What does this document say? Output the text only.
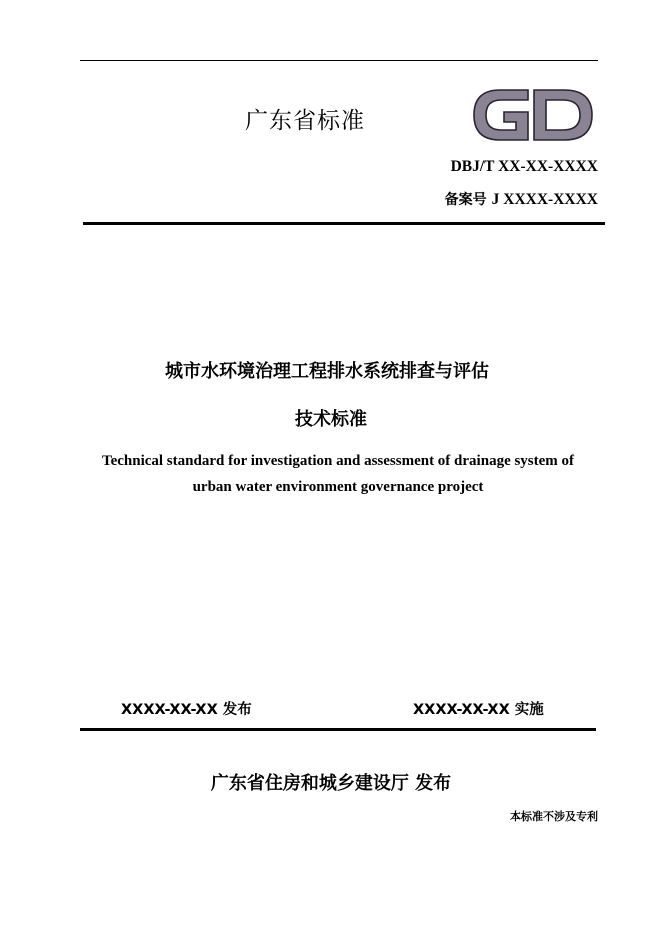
广东省标准
DBJ/T XX-XX-XXXX
备案号 J XXXX-XXXX
城市水环境治理工程排水系统排查与评估
技术标准
Technical standard for investigation and assessment of drainage system of
urban water environment governance project
XXXX-XX-XX 发布	XXXX-XX-XX 实施
广东省住房和城乡建设厅 发布
本标准不涉及专利
